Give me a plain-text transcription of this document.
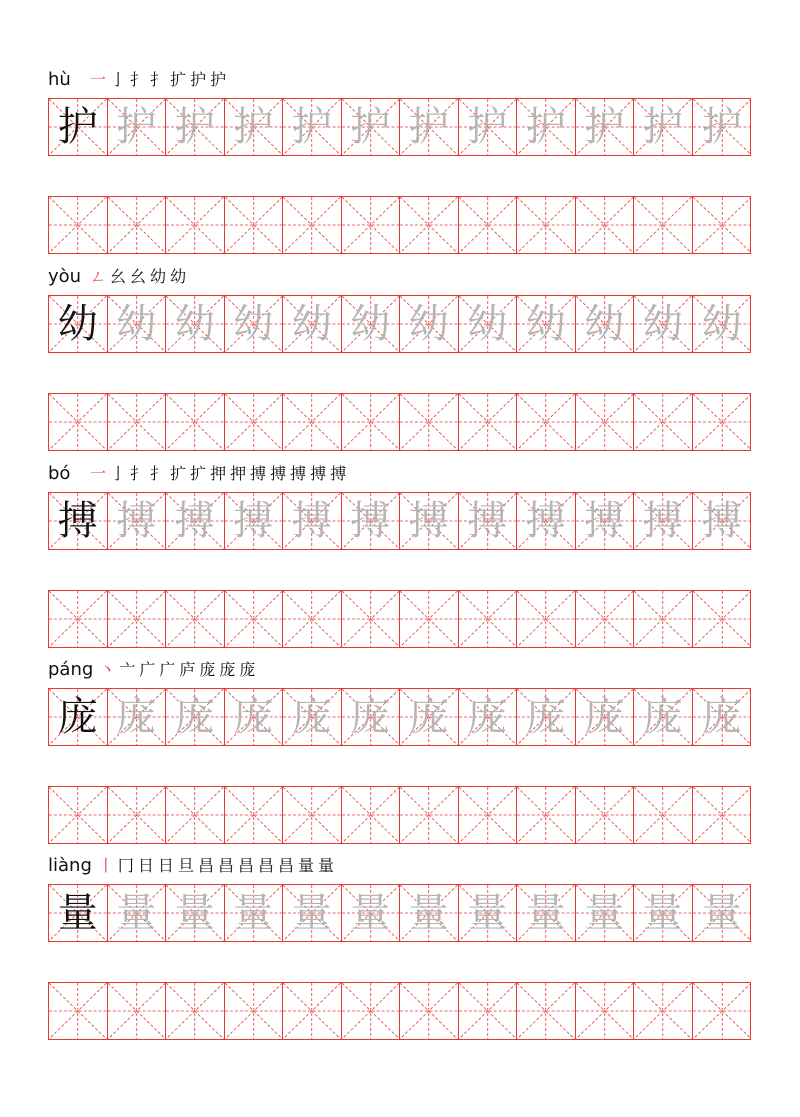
hù	一 亅 扌 扌 扩 护 护
护 护 护 护 护 护 护 护 护 护 护 护
yòu ㄥ 幺 幺 幼 幼
幼 幼 幼 幼 幼 幼 幼 幼 幼 幼 幼 幼
bó	一 亅 扌 扌 扩 扩 押 押 搏 搏 搏 搏 搏
搏 搏 搏 搏 搏 搏 搏 搏 搏 搏 搏 搏
páng 丶 亠 广 广 庐 庞 庞 庞
庞 庞 庞 庞 庞 庞 庞 庞 庞 庞 庞 庞
liàng 丨 冂 日 日 旦 昌 昌 昌 昌 昌 量 量
量 量 量 量 量 量 量 量 量 量 量 量
